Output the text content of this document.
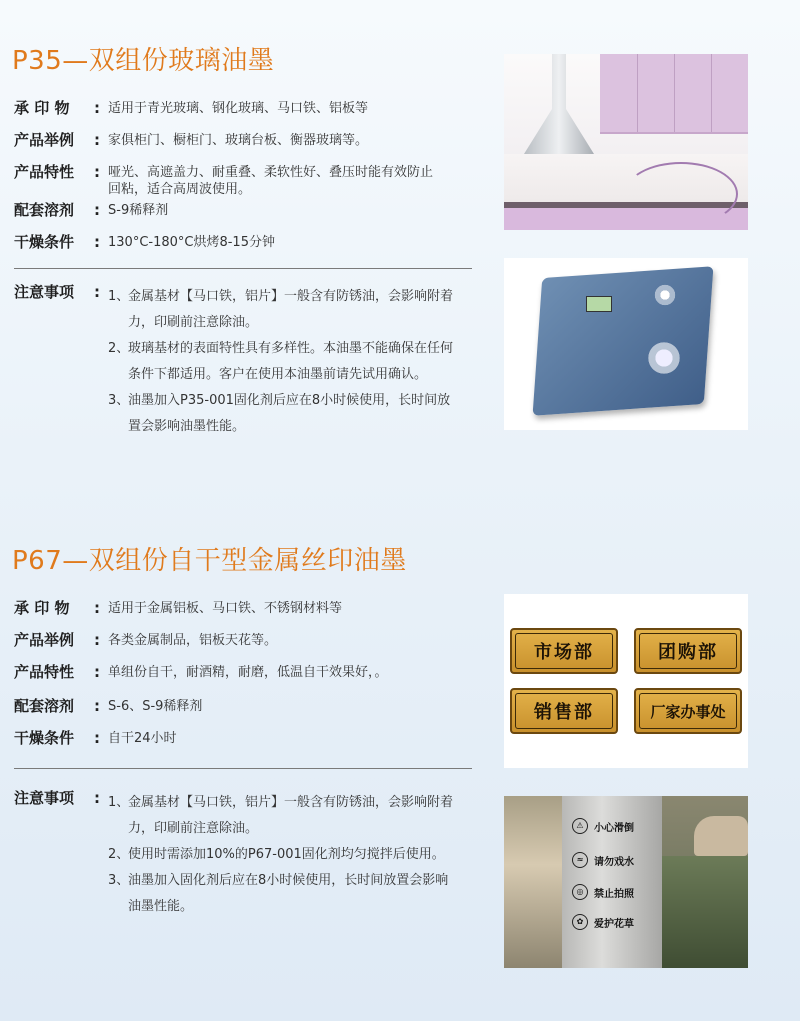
P35—双组份玻璃油墨
承 印 物	: 适用于青光玻璃、钢化玻璃、马口铁、铝板等
产品举例	: 家俱柜门、橱柜门、玻璃台板、衡器玻璃等。
产品特性	: 哑光、高遮盖力、耐重叠、柔软性好、叠压时能有效防止回粘，适合高周波使用。
配套溶剂	: S-9稀释剂
干燥条件	: 130°C-180°C烘烤8-15分钟
注意事项	: 1、
金属基材【马口铁，铝片】一般含有防锈油，会影响附着力，印刷前注意除油。
2、
玻璃基材的表面特性具有多样性。本油墨不能确保在任何条件下都适用。客户在使用本油墨前请先试用确认。
3、
油墨加入P35-001固化剂后应在8小时候使用，长时间放置会影响油墨性能。
P67—双组份自干型金属丝印油墨
承 印 物	: 适用于金属铝板、马口铁、不锈钢材料等
产品举例	: 各类金属制品，铝板天花等。
产品特性	: 单组份自干，耐酒精，耐磨，低温自干效果好，。
配套溶剂	: S-6、S-9稀释剂
干燥条件	: 自干24小时
注意事项	: 1、
金属基材【马口铁，铝片】一般含有防锈油，会影响附着力，印刷前注意除油。
2、
使用时需添加10%的P67-001固化剂均匀搅拌后使用。
3、
油墨加入固化剂后应在8小时候使用，长时间放置会影响油墨性能。
市场部	团购部
销售部	厂家办事处
⚠	小心滑倒
≈	请勿戏水
◎	禁止拍照
✿	爱护花草
